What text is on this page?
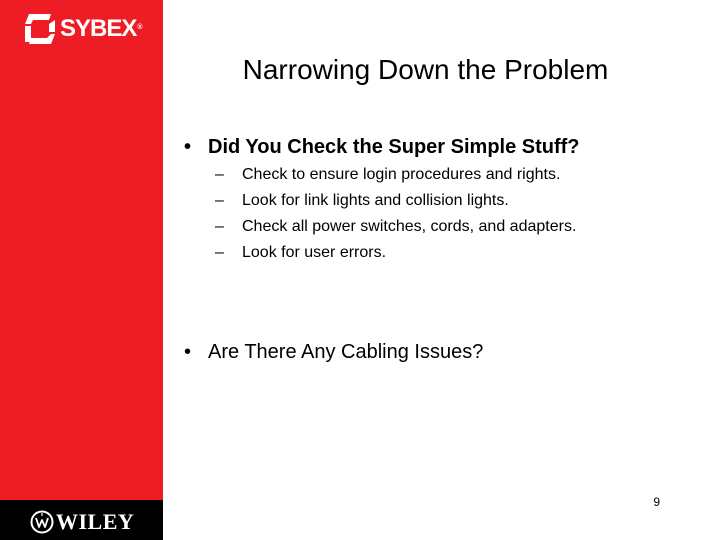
SYBEX ®
WILEY
Narrowing Down the Problem

• Did You Check the Super Simple Stuff?

– Check to ensure login procedures and rights.
– Look for link lights and collision lights.
– Check all power switches, cords, and adapters.
– Look for user errors.

• Are There Any Cabling Issues?

9
